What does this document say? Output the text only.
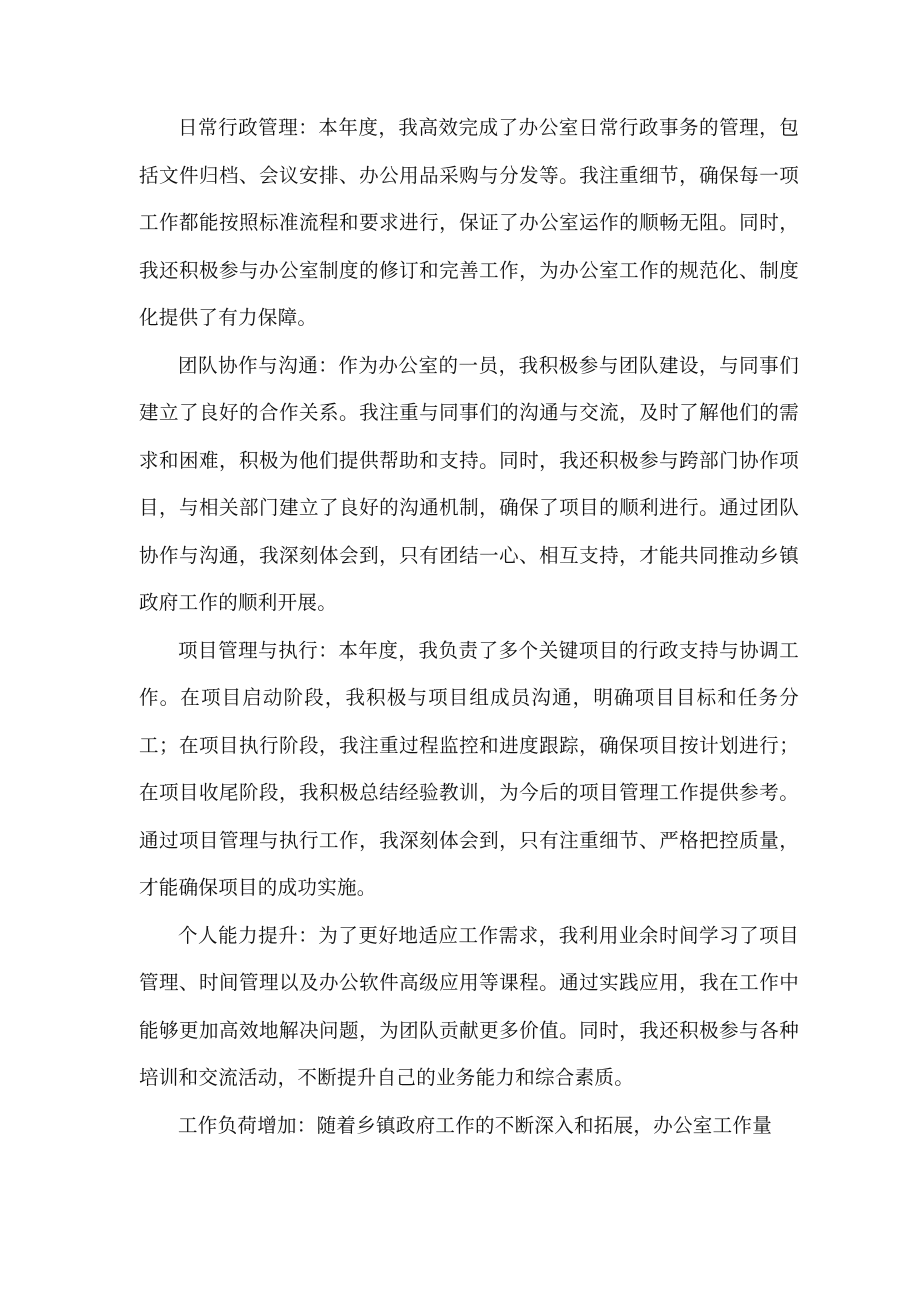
日常行政管理：本年度，我高效完成了办公室日常行政事务的管理，包括文件归档、会议安排、办公用品采购与分发等。我注重细节，确保每一项工作都能按照标准流程和要求进行，保证了办公室运作的顺畅无阻。同时，我还积极参与办公室制度的修订和完善工作，为办公室工作的规范化、制度化提供了有力保障。

团队协作与沟通：作为办公室的一员，我积极参与团队建设，与同事们建立了良好的合作关系。我注重与同事们的沟通与交流，及时了解他们的需求和困难，积极为他们提供帮助和支持。同时，我还积极参与跨部门协作项目，与相关部门建立了良好的沟通机制，确保了项目的顺利进行。通过团队协作与沟通，我深刻体会到，只有团结一心、相互支持，才能共同推动乡镇政府工作的顺利开展。

项目管理与执行：本年度，我负责了多个关键项目的行政支持与协调工作。在项目启动阶段，我积极与项目组成员沟通，明确项目目标和任务分工；在项目执行阶段，我注重过程监控和进度跟踪，确保项目按计划进行；在项目收尾阶段，我积极总结经验教训，为今后的项目管理工作提供参考。通过项目管理与执行工作，我深刻体会到，只有注重细节、严格把控质量，才能确保项目的成功实施。

个人能力提升：为了更好地适应工作需求，我利用业余时间学习了项目管理、时间管理以及办公软件高级应用等课程。通过实践应用，我在工作中能够更加高效地解决问题，为团队贡献更多价值。同时，我还积极参与各种培训和交流活动，不断提升自己的业务能力和综合素质。

工作负荷增加：随着乡镇政府工作的不断深入和拓展，办公室工作量
